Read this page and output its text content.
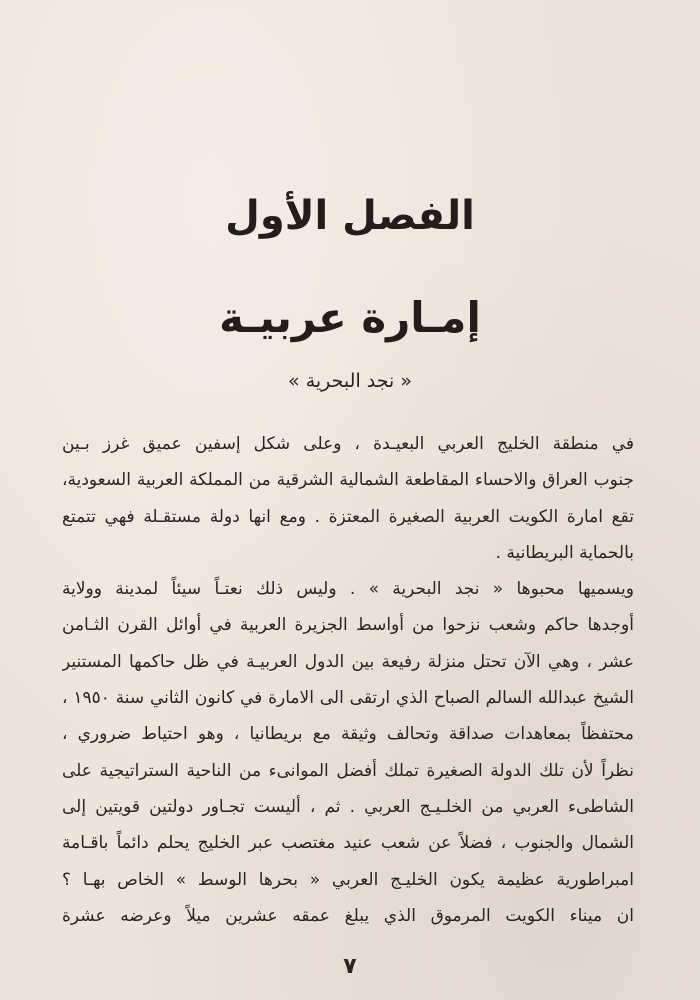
الفصل الأول
إمـارة عربيـة
« نجد البحرية »
في منطقة الخليج العربي البعيـدة ، وعلى شكل إسفين عميق غرز بـين
جنوب العراق والاحساء المقاطعة الشمالية الشرقية من المملكة العربية السعودية،
تقع امارة الكويت العربية الصغيرة المعتزة . ومع انها دولة مستقـلة فهي تتمتع
بالحماية البريطانية .
ويسميها محبوها « نجد البحرية » . وليس ذلك نعتـاً سيئاً لمدينة وولاية
أوجدها حاكم وشعب نزحوا من أواسط الجزيرة العربية في أوائل القرن الثـامن
عشر ، وهي الآن تحتل منزلة رفيعة بين الدول العربيـة في ظل حاكمها المستنير
الشيخ عبدالله السالم الصباح الذي ارتقى الى الامارة في كانون الثاني سنة ١٩٥٠ ،
محتفظاً بمعاهدات صداقة وتحالف وثيقة مع بريطانيا ، وهو احتياط ضروري ،
نظراً لأن تلك الدولة الصغيرة تملك أفضل الموانىء من الناحية الستراتيجية على
الشاطىء العربي من الخلـيـج العربي . ثم ، أليست تجـاور دولتين قويتين إلى
الشمال والجنوب ، فضلاً عن شعب عنيد مغتصب عبر الخليج يحلم دائماً باقـامة
امبراطورية عظيمة يكون الخليـج العربي « بحرها الوسط » الخاص بهـا ؟
ان ميناء الكويت المرموق الذي يبلغ عمقه عشرين ميلاً وعرضه عشرة
٧
